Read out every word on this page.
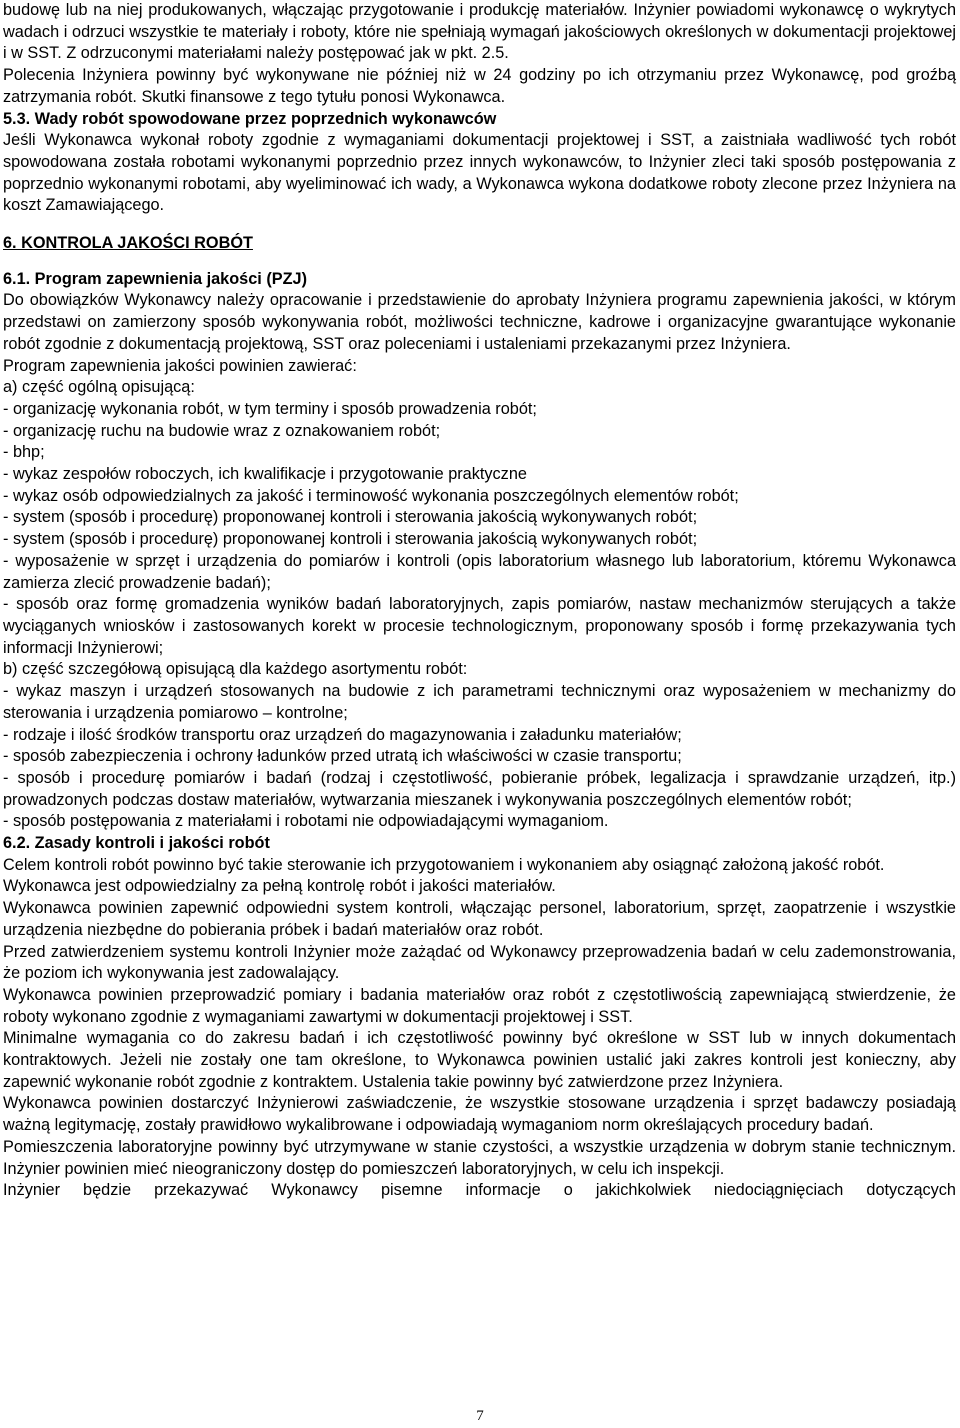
budowę lub na niej produkowanych, włączając przygotowanie i produkcję materiałów. Inżynier powiadomi wykonawcę o wykrytych wadach i odrzuci wszystkie te materiały i roboty, które nie spełniają wymagań jakościowych określonych w dokumentacji projektowej i w SST. Z odrzuconymi materiałami należy postępować jak w pkt. 2.5.

Polecenia Inżyniera powinny być wykonywane nie później niż w 24 godziny po ich otrzymaniu przez Wykonawcę, pod groźbą zatrzymania robót. Skutki finansowe z tego tytułu ponosi Wykonawca.

5.3. Wady robót spowodowane przez poprzednich wykonawców

Jeśli Wykonawca wykonał roboty zgodnie z wymaganiami dokumentacji projektowej i SST, a zaistniała wadliwość tych robót spowodowana została robotami wykonanymi poprzednio przez innych wykonawców, to Inżynier zleci taki sposób postępowania z poprzednio wykonanymi robotami, aby wyeliminować ich wady, a Wykonawca wykona dodatkowe roboty zlecone przez Inżyniera na koszt Zamawiającego.

6. KONTROLA JAKOŚCI ROBÓT

6.1. Program zapewnienia jakości (PZJ)

Do obowiązków Wykonawcy należy opracowanie i przedstawienie do aprobaty Inżyniera programu zapewnienia jakości, w którym przedstawi on zamierzony sposób wykonywania robót, możliwości techniczne, kadrowe i organizacyjne gwarantujące wykonanie robót zgodnie z dokumentacją projektową, SST oraz poleceniami i ustaleniami przekazanymi przez Inżyniera.

Program zapewnienia jakości powinien zawierać:

a) część ogólną opisującą:

- organizację wykonania robót, w tym terminy i sposób prowadzenia robót;

- organizację ruchu na budowie wraz z oznakowaniem robót;

- bhp;

- wykaz zespołów roboczych, ich kwalifikacje i przygotowanie praktyczne

- wykaz osób odpowiedzialnych za jakość i terminowość wykonania poszczególnych elementów robót;

- system (sposób i procedurę) proponowanej kontroli i sterowania jakością wykonywanych robót;

- system (sposób i procedurę) proponowanej kontroli i sterowania jakością wykonywanych robót;

- wyposażenie w sprzęt i urządzenia do pomiarów i kontroli (opis laboratorium własnego lub laboratorium, któremu Wykonawca zamierza zlecić prowadzenie badań);

- sposób oraz formę gromadzenia wyników badań laboratoryjnych, zapis pomiarów, nastaw mechanizmów sterujących a także wyciąganych wniosków i zastosowanych korekt w procesie technologicznym, proponowany sposób i formę przekazywania tych informacji Inżynierowi;

b) część szczegółową opisującą dla każdego asortymentu robót:

- wykaz maszyn i urządzeń stosowanych na budowie z ich parametrami technicznymi oraz wyposażeniem w mechanizmy do sterowania i urządzenia pomiarowo – kontrolne;

- rodzaje i ilość środków transportu oraz urządzeń do magazynowania i załadunku materiałów;

- sposób zabezpieczenia i ochrony ładunków przed utratą ich właściwości w czasie transportu;

- sposób i procedurę pomiarów i badań (rodzaj i częstotliwość, pobieranie próbek, legalizacja i sprawdzanie urządzeń, itp.) prowadzonych podczas dostaw materiałów, wytwarzania mieszanek i wykonywania poszczególnych elementów robót;

- sposób postępowania z materiałami i robotami nie odpowiadającymi wymaganiom.

6.2. Zasady kontroli i jakości robót

Celem kontroli robót powinno być takie sterowanie ich przygotowaniem i wykonaniem aby osiągnąć założoną jakość robót.

Wykonawca jest odpowiedzialny za pełną kontrolę robót i jakości materiałów.

Wykonawca powinien zapewnić odpowiedni system kontroli, włączając personel, laboratorium, sprzęt, zaopatrzenie i wszystkie urządzenia niezbędne do pobierania próbek i badań materiałów oraz robót.

Przed zatwierdzeniem systemu kontroli Inżynier może zażądać od Wykonawcy przeprowadzenia badań w celu zademonstrowania, że poziom ich wykonywania jest zadowalający.

Wykonawca powinien przeprowadzić pomiary i badania materiałów oraz robót z częstotliwością zapewniającą stwierdzenie, że roboty wykonano zgodnie z wymaganiami zawartymi w dokumentacji projektowej i SST.

Minimalne wymagania co do zakresu badań i ich częstotliwość powinny być określone w SST lub w innych dokumentach kontraktowych. Jeżeli nie zostały one tam określone, to Wykonawca powinien ustalić jaki zakres kontroli jest konieczny, aby zapewnić wykonanie robót zgodnie z kontraktem. Ustalenia takie powinny być zatwierdzone przez Inżyniera.

Wykonawca powinien dostarczyć Inżynierowi zaświadczenie, że wszystkie stosowane urządzenia i sprzęt badawczy posiadają ważną legitymację, zostały prawidłowo wykalibrowane i odpowiadają wymaganiom norm określających procedury badań.

Pomieszczenia laboratoryjne powinny być utrzymywane w stanie czystości, a wszystkie urządzenia w dobrym stanie technicznym. Inżynier powinien mieć nieograniczony dostęp do pomieszczeń laboratoryjnych, w celu ich inspekcji.

Inżynier będzie przekazywać Wykonawcy pisemne informacje o jakichkolwiek niedociągnięciach dotyczących

7
